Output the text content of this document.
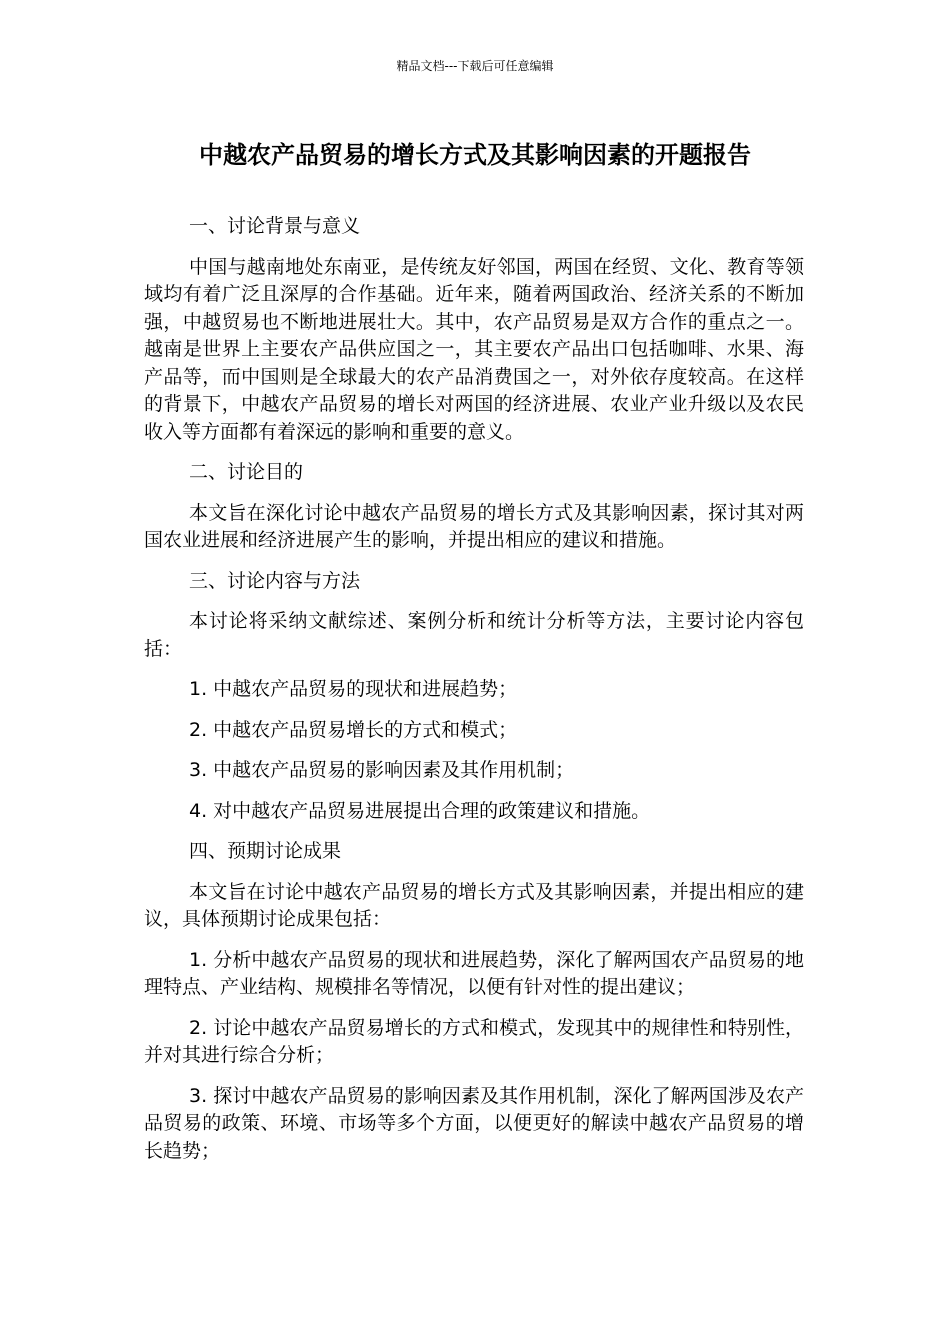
精品文档---下载后可任意编辑
中越农产品贸易的增长方式及其影响因素的开题报告

一、讨论背景与意义

中国与越南地处东南亚，是传统友好邻国，两国在经贸、文化、教育等领域均有着广泛且深厚的合作基础。近年来，随着两国政治、经济关系的不断加强，中越贸易也不断地进展壮大。其中，农产品贸易是双方合作的重点之一。越南是世界上主要农产品供应国之一，其主要农产品出口包括咖啡、水果、海产品等，而中国则是全球最大的农产品消费国之一，对外依存度较高。在这样的背景下，中越农产品贸易的增长对两国的经济进展、农业产业升级以及农民收入等方面都有着深远的影响和重要的意义。

二、讨论目的

本文旨在深化讨论中越农产品贸易的增长方式及其影响因素，探讨其对两国农业进展和经济进展产生的影响，并提出相应的建议和措施。

三、讨论内容与方法

本讨论将采纳文献综述、案例分析和统计分析等方法，主要讨论内容包括：

1. 中越农产品贸易的现状和进展趋势；

2. 中越农产品贸易增长的方式和模式；

3. 中越农产品贸易的影响因素及其作用机制；

4. 对中越农产品贸易进展提出合理的政策建议和措施。

四、预期讨论成果

本文旨在讨论中越农产品贸易的增长方式及其影响因素，并提出相应的建议，具体预期讨论成果包括：

1. 分析中越农产品贸易的现状和进展趋势，深化了解两国农产品贸易的地理特点、产业结构、规模排名等情况，以便有针对性的提出建议；

2. 讨论中越农产品贸易增长的方式和模式，发现其中的规律性和特别性，并对其进行综合分析；

3. 探讨中越农产品贸易的影响因素及其作用机制，深化了解两国涉及农产品贸易的政策、环境、市场等多个方面，以便更好的解读中越农产品贸易的增长趋势；
